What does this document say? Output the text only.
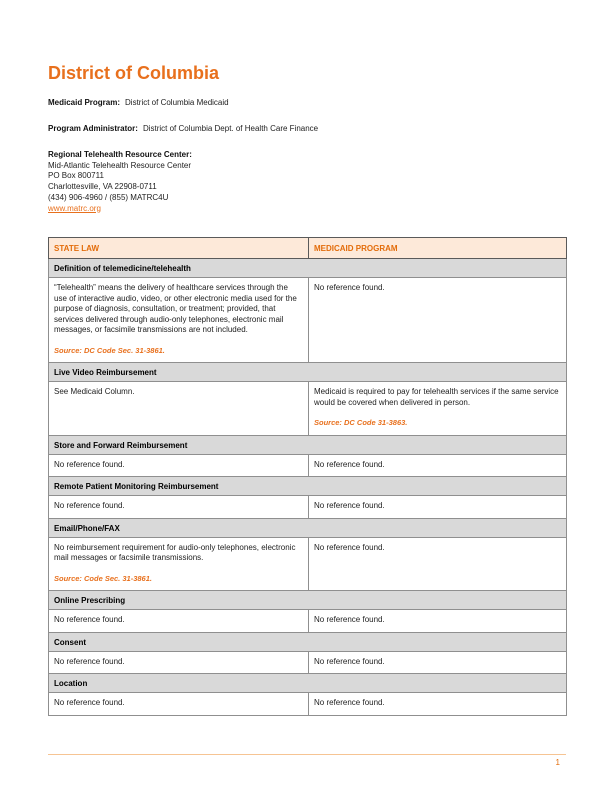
District of Columbia
Medicaid Program: District of Columbia Medicaid
Program Administrator: District of Columbia Dept. of Health Care Finance
Regional Telehealth Resource Center:
Mid-Atlantic Telehealth Resource Center
PO Box 800711
Charlottesville, VA 22908-0711
(434) 906-4960 / (855) MATRC4U
www.matrc.org
STATE LAW	MEDICAID PROGRAM
Definition of telemedicine/telehealth	

“Telehealth” means the delivery of healthcare services through the use of interactive audio, video, or other electronic media used for the purpose of diagnosis, consultation, or treatment; provided, that services delivered through audio-only telephones, electronic mail messages, or facsimile transmissions are not included.
Source: DC Code Sec. 31-3861.	No reference found.

Live Video Reimbursement	

See Medicaid Column.	Medicaid is required to pay for telehealth services if the same service would be covered when delivered in person.
Source: DC Code 31-3863.

Store and Forward Reimbursement	

No reference found.	No reference found.

Remote Patient Monitoring Reimbursement	

No reference found.	No reference found.

Email/Phone/FAX	

No reimbursement requirement for audio-only telephones, electronic mail messages or facsimile transmissions.
Source: Code Sec. 31-3861.	No reference found.

Online Prescribing	

No reference found.	No reference found.

Consent	

No reference found.	No reference found.

Location	

No reference found.	No reference found.
1
